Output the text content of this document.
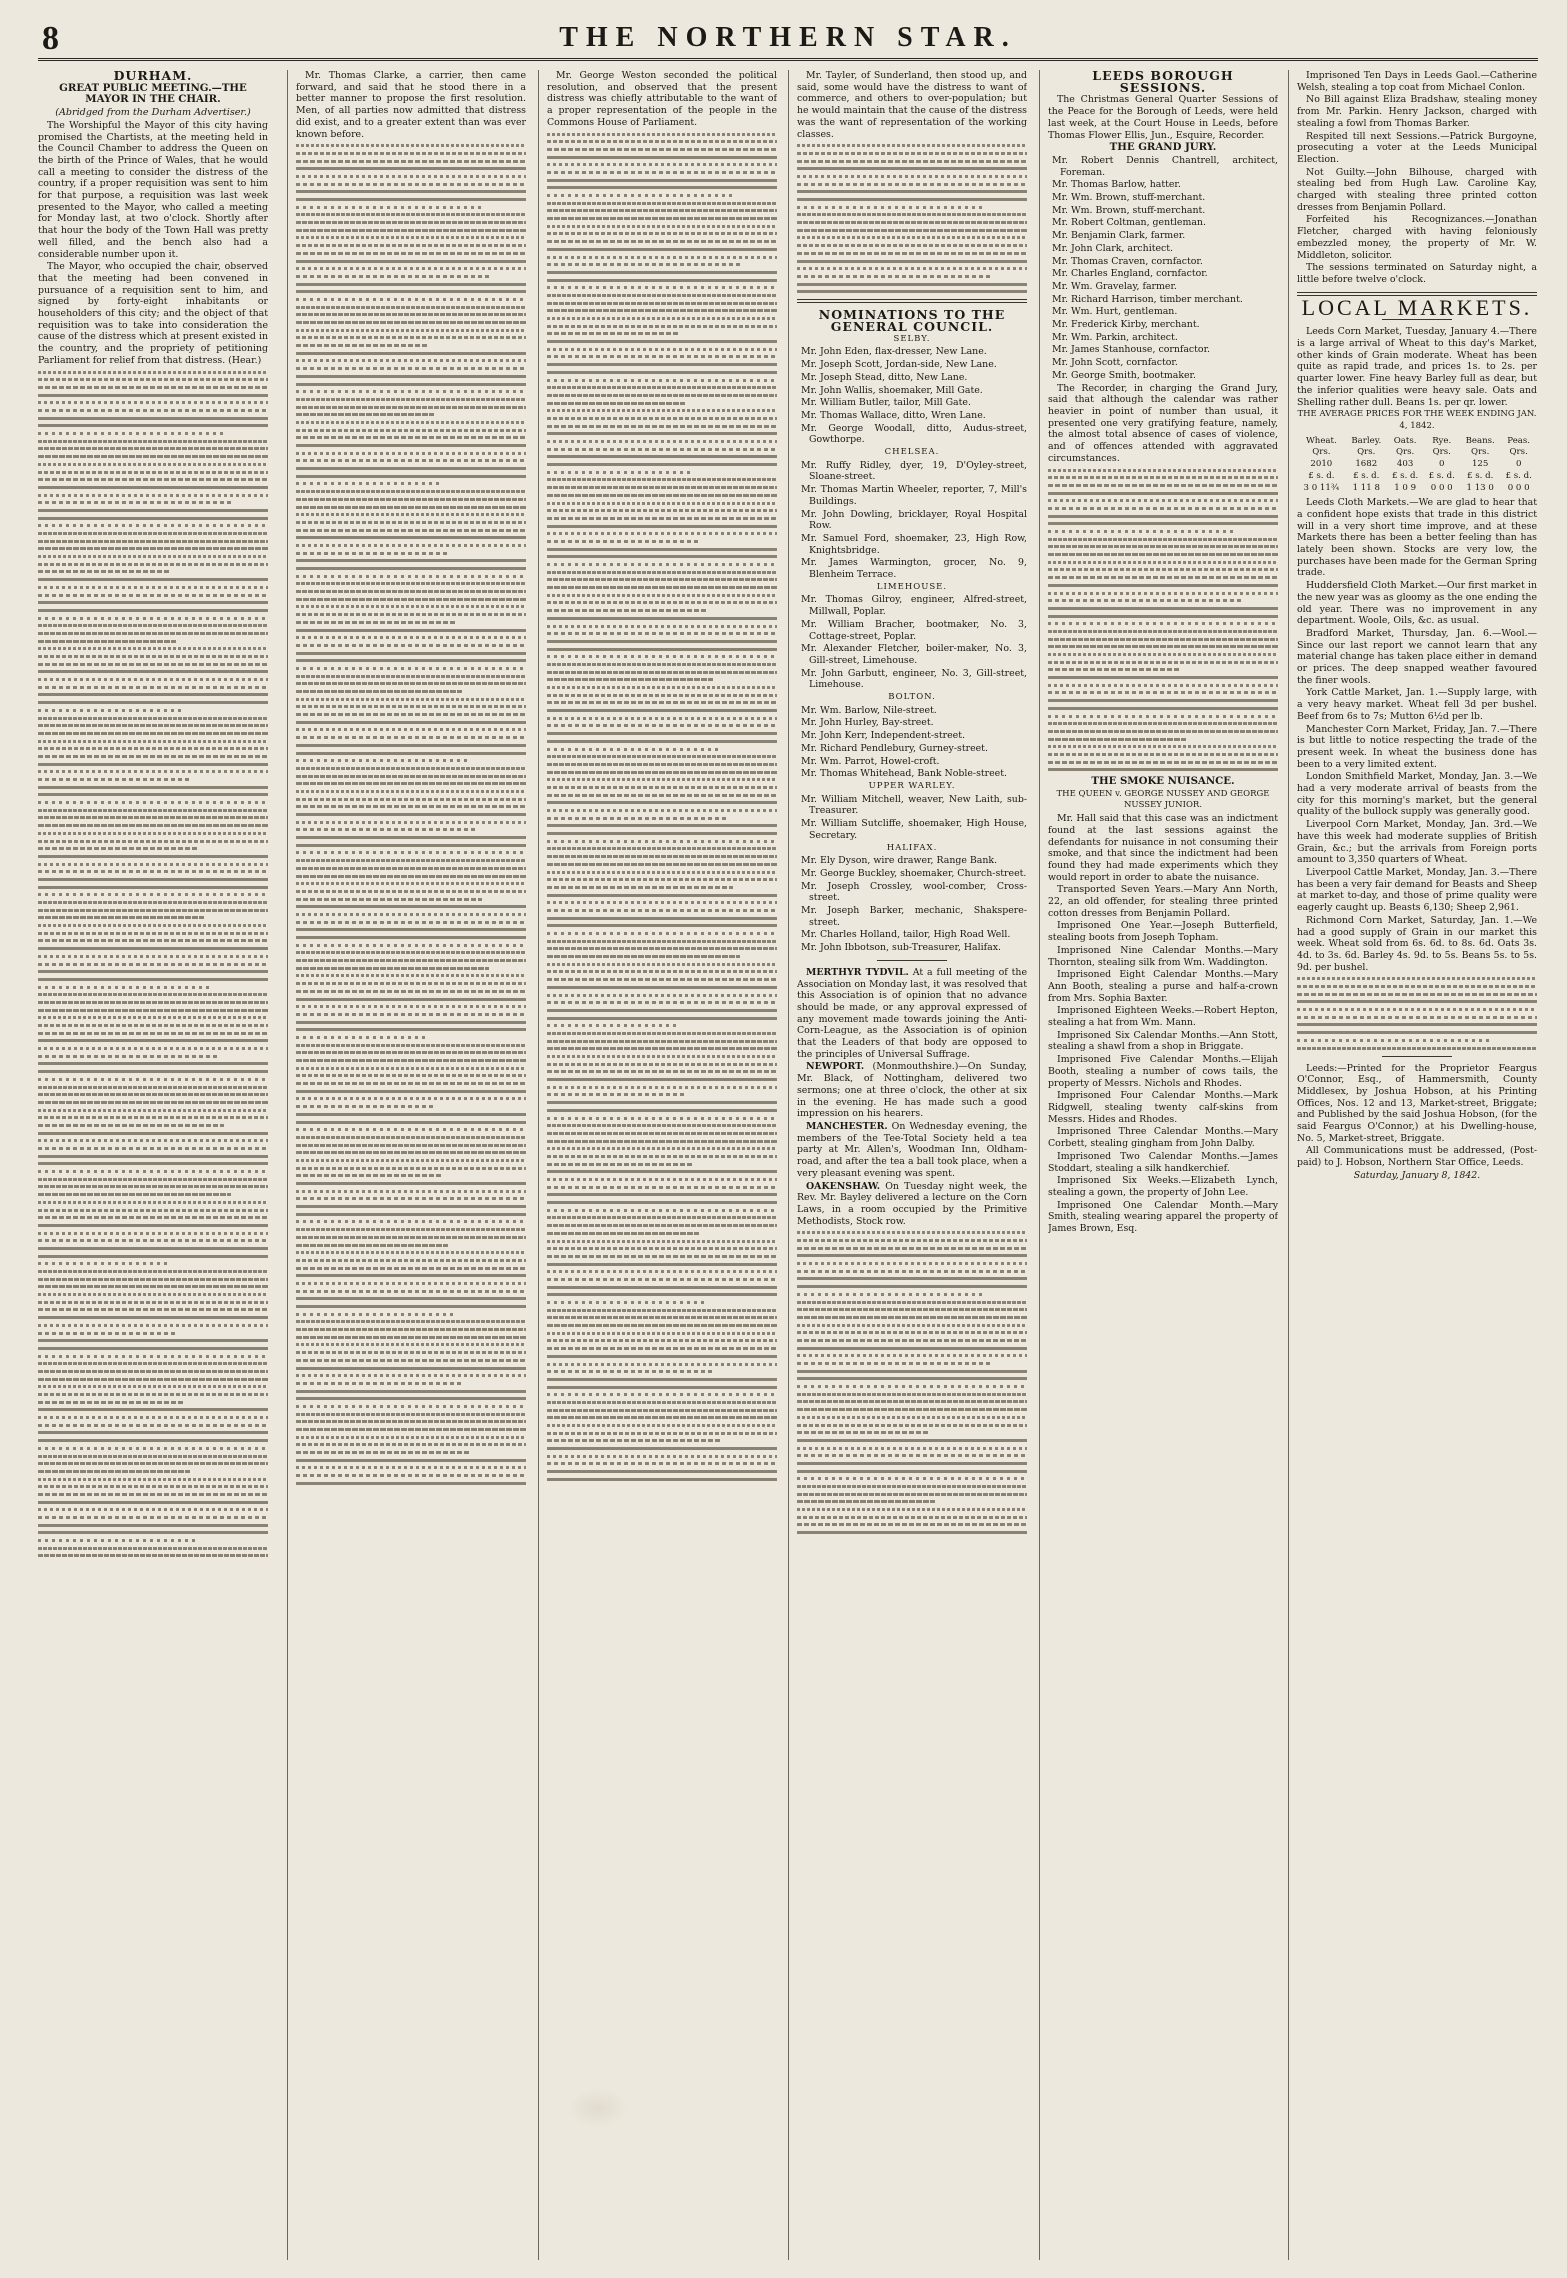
8	THE NORTHERN STAR.

DURHAM.

GREAT PUBLIC MEETING.—THE MAYOR IN THE CHAIR.

(Abridged from the Durham Advertiser.)

The Worshipful the Mayor of this city having promised the Chartists, at the meeting held in the Council Chamber to address the Queen on the birth of the Prince of Wales, that he would call a meeting to consider the distress of the country, if a proper requisition was sent to him for that purpose, a requisition was last week presented to the Mayor, who called a meeting for Monday last, at two o'clock. Shortly after that hour the body of the Town Hall was pretty well filled, and the bench also had a considerable number upon it.

The Mayor, who occupied the chair, observed that the meeting had been convened in pursuance of a requisition sent to him, and signed by forty-eight inhabitants or householders of this city; and the object of that requisition was to take into consideration the cause of the distress which at present existed in the country, and the propriety of petitioning Parliament for relief from that distress. (Hear.)

Mr. Thomas Clarke, a carrier, then came forward, and said that he stood there in a better manner to propose the first resolution. Men, of all parties now admitted that distress did exist, and to a greater extent than was ever known before.

Mr. George Weston seconded the political resolution, and observed that the present distress was chiefly attributable to the want of a proper representation of the people in the Commons House of Parliament.

Mr. Tayler, of Sunderland, then stood up, and said, some would have the distress to want of commerce, and others to over-population; but he would maintain that the cause of the distress was the want of representation of the working classes.

NOMINATIONS TO THE GENERAL COUNCIL.

SELBY.

Mr. John Eden, flax-dresser, New Lane.

Mr. Joseph Scott, Jordan-side, New Lane.

Mr. Joseph Stead, ditto, New Lane.

Mr. John Wallis, shoemaker, Mill Gate.

Mr. William Butler, tailor, Mill Gate.

Mr. Thomas Wallace, ditto, Wren Lane.

Mr. George Woodall, ditto, Audus-street, Gowthorpe.

CHELSEA.

Mr. Ruffy Ridley, dyer, 19, D'Oyley-street, Sloane-street.

Mr. Thomas Martin Wheeler, reporter, 7, Mill's Buildings.

Mr. John Dowling, bricklayer, Royal Hospital Row.

Mr. Samuel Ford, shoemaker, 23, High Row, Knightsbridge.

Mr. James Warmington, grocer, No. 9, Blenheim Terrace.

LIMEHOUSE.

Mr. Thomas Gilroy, engineer, Alfred-street, Millwall, Poplar.

Mr. William Bracher, bootmaker, No. 3, Cottage-street, Poplar.

Mr. Alexander Fletcher, boiler-maker, No. 3, Gill-street, Limehouse.

Mr. John Garbutt, engineer, No. 3, Gill-street, Limehouse.

BOLTON.

Mr. Wm. Barlow, Nile-street.

Mr. John Hurley, Bay-street.

Mr. John Kerr, Independent-street.

Mr. Richard Pendlebury, Gurney-street.

Mr. Wm. Parrot, Howel-croft.

Mr. Thomas Whitehead, Bank Noble-street.

UPPER WARLEY.

Mr. William Mitchell, weaver, New Laith, sub-Treasurer.

Mr. William Sutcliffe, shoemaker, High House, Secretary.

HALIFAX.

Mr. Ely Dyson, wire drawer, Range Bank.

Mr. George Buckley, shoemaker, Church-street.

Mr. Joseph Crossley, wool-comber, Cross-street.

Mr. Joseph Barker, mechanic, Shakspere-street.

Mr. Charles Holland, tailor, High Road Well.

Mr. John Ibbotson, sub-Treasurer, Halifax.

MERTHYR TYDVIL. At a full meeting of the Association on Monday last, it was resolved that this Association is of opinion that no advance should be made, or any approval expressed of any movement made towards joining the Anti-Corn-League, as the Association is of opinion that the Leaders of that body are opposed to the principles of Universal Suffrage.

NEWPORT. (Monmouthshire.)—On Sunday, Mr. Black, of Nottingham, delivered two sermons; one at three o'clock, the other at six in the evening. He has made such a good impression on his hearers.

MANCHESTER. On Wednesday evening, the members of the Tee-Total Society held a tea party at Mr. Allen's, Woodman Inn, Oldham-road, and after the tea a ball took place, when a very pleasant evening was spent.

OAKENSHAW. On Tuesday night week, the Rev. Mr. Bayley delivered a lecture on the Corn Laws, in a room occupied by the Primitive Methodists, Stock row.

LEEDS BOROUGH SESSIONS.

The Christmas General Quarter Sessions of the Peace for the Borough of Leeds, were held last week, at the Court House in Leeds, before Thomas Flower Ellis, Jun., Esquire, Recorder.

THE GRAND JURY.

Mr. Robert Dennis Chantrell, architect, Foreman.

Mr. Thomas Barlow, hatter.

Mr. Wm. Brown, stuff-merchant.

Mr. Wm. Brown, stuff-merchant.

Mr. Robert Coltman, gentleman.

Mr. Benjamin Clark, farmer.

Mr. John Clark, architect.

Mr. Thomas Craven, cornfactor.

Mr. Charles England, cornfactor.

Mr. Wm. Gravelay, farmer.

Mr. Richard Harrison, timber merchant.

Mr. Wm. Hurt, gentleman.

Mr. Frederick Kirby, merchant.

Mr. Wm. Parkin, architect.

Mr. James Stanhouse, cornfactor.

Mr. John Scott, cornfactor.

Mr. George Smith, bootmaker.

The Recorder, in charging the Grand Jury, said that although the calendar was rather heavier in point of number than usual, it presented one very gratifying feature, namely, the almost total absence of cases of violence, and of offences attended with aggravated circumstances.

THE SMOKE NUISANCE.

THE QUEEN v. GEORGE NUSSEY AND GEORGE NUSSEY JUNIOR.

Mr. Hall said that this case was an indictment found at the last sessions against the defendants for nuisance in not consuming their smoke, and that since the indictment had been found they had made experiments which they would report in order to abate the nuisance.

Transported Seven Years.—Mary Ann North, 22, an old offender, for stealing three printed cotton dresses from Benjamin Pollard.

Imprisoned One Year.—Joseph Butterfield, stealing boots from Joseph Topham.

Imprisoned Nine Calendar Months.—Mary Thornton, stealing silk from Wm. Waddington.

Imprisoned Eight Calendar Months.—Mary Ann Booth, stealing a purse and half-a-crown from Mrs. Sophia Baxter.

Imprisoned Eighteen Weeks.—Robert Hepton, stealing a hat from Wm. Mann.

Imprisoned Six Calendar Months.—Ann Stott, stealing a shawl from a shop in Briggate.

Imprisoned Five Calendar Months.—Elijah Booth, stealing a number of cows tails, the property of Messrs. Nichols and Rhodes.

Imprisoned Four Calendar Months.—Mark Ridgwell, stealing twenty calf-skins from Messrs. Hides and Rhodes.

Imprisoned Three Calendar Months.—Mary Corbett, stealing gingham from John Dalby.

Imprisoned Two Calendar Months.—James Stoddart, stealing a silk handkerchief.

Imprisoned Six Weeks.—Elizabeth Lynch, stealing a gown, the property of John Lee.

Imprisoned One Calendar Month.—Mary Smith, stealing wearing apparel the property of James Brown, Esq.

Imprisoned Ten Days in Leeds Gaol.—Catherine Welsh, stealing a top coat from Michael Conlon.

No Bill against Eliza Bradshaw, stealing money from Mr. Parkin. Henry Jackson, charged with stealing a fowl from Thomas Barker.

Respited till next Sessions.—Patrick Burgoyne, prosecuting a voter at the Leeds Municipal Election.

Not Guilty.—John Bilhouse, charged with stealing bed from Hugh Law. Caroline Kay, charged with stealing three printed cotton dresses from Benjamin Pollard.

Forfeited his Recognizances.—Jonathan Fletcher, charged with having feloniously embezzled money, the property of Mr. W. Middleton, solicitor.

The sessions terminated on Saturday night, a little before twelve o'clock.

LOCAL MARKETS.

Leeds Corn Market, Tuesday, January 4.—There is a large arrival of Wheat to this day's Market, other kinds of Grain moderate. Wheat has been quite as rapid trade, and prices 1s. to 2s. per quarter lower. Fine heavy Barley full as dear, but the inferior qualities were heavy sale. Oats and Shelling rather dull. Beans 1s. per qr. lower.

THE AVERAGE PRICES FOR THE WEEK ENDING JAN. 4, 1842.

Wheat.	Barley.	Oats.	Rye.	Beans.	Peas.
Qrs.	Qrs.	Qrs.	Qrs.	Qrs.	Qrs.
2010	1682	403	0	125	0
£ s. d.	£ s. d.	£ s. d.	£ s. d.	£ s. d.	£ s. d.
3 0 11¾	1 11 8	1 0 9	0 0 0	1 13 0	0 0 0

Leeds Cloth Markets.—We are glad to hear that a confident hope exists that trade in this district will in a very short time improve, and at these Markets there has been a better feeling than has lately been shown. Stocks are very low, the purchases have been made for the German Spring trade.

Huddersfield Cloth Market.—Our first market in the new year was as gloomy as the one ending the old year. There was no improvement in any department. Woole, Oils, &c. as usual.

Bradford Market, Thursday, Jan. 6.—Wool.—Since our last report we cannot learn that any material change has taken place either in demand or prices. The deep snapped weather favoured the finer wools.

York Cattle Market, Jan. 1.—Supply large, with a very heavy market. Wheat fell 3d per bushel. Beef from 6s to 7s; Mutton 6½d per lb.

Manchester Corn Market, Friday, Jan. 7.—There is but little to notice respecting the trade of the present week. In wheat the business done has been to a very limited extent.

London Smithfield Market, Monday, Jan. 3.—We had a very moderate arrival of beasts from the city for this morning's market, but the general quality of the bullock supply was generally good.

Liverpool Corn Market, Monday, Jan. 3rd.—We have this week had moderate supplies of British Grain, &c.; but the arrivals from Foreign ports amount to 3,350 quarters of Wheat.

Liverpool Cattle Market, Monday, Jan. 3.—There has been a very fair demand for Beasts and Sheep at market to-day, and those of prime quality were eagerly caught up. Beasts 6,130; Sheep 2,961.

Richmond Corn Market, Saturday, Jan. 1.—We had a good supply of Grain in our market this week. Wheat sold from 6s. 6d. to 8s. 6d. Oats 3s. 4d. to 3s. 6d. Barley 4s. 9d. to 5s. Beans 5s. to 5s. 9d. per bushel.

Leeds:—Printed for the Proprietor Feargus O'Connor, Esq., of Hammersmith, County Middlesex, by Joshua Hobson, at his Printing Offices, Nos. 12 and 13, Market-street, Briggate; and Published by the said Joshua Hobson, (for the said Feargus O'Connor,) at his Dwelling-house, No. 5, Market-street, Briggate.

All Communications must be addressed, (Post-paid) to J. Hobson, Northern Star Office, Leeds.

Saturday, January 8, 1842.
